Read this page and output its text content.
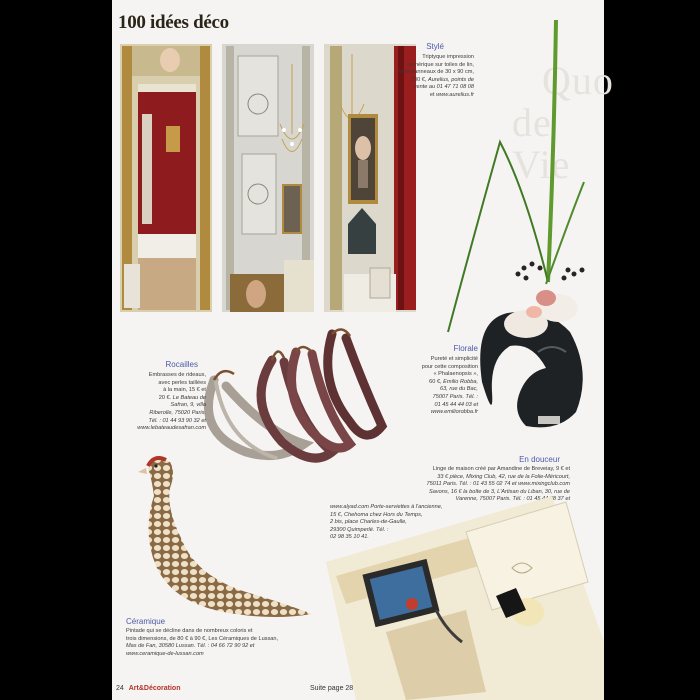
Quo
de Vie
100 idées déco
Stylé
Triptyque impression
numérique sur toiles de lin,
trois panneaux de 30 x 90 cm,
330 €, Aurelius, points de
vente au 01 47 71 08 08
et www.aurelius.fr
Rocailles
Embrasses de rideaux,
avec perles taillées
à la main, 15 € et
20 €. Le Bateau de
Safran, 9, villa
Riberolle, 75020 Paris.
Tél. : 01 44 93 90 32 et
www.lebateaudesafran.com
Florale
Pureté et simplicité
pour cette composition
« Phalaenopsis »,
60 €, Emilio Robba,
63, rue du Bac,
75007 Paris. Tél. :
01 45 44 44 03 et
www.emiliorobba.fr
En douceur
Linge de maison créé par Amandine de Breveiay, 9 € et
33 € pièce, Mixing Club, 42, rue de la Folie-Méricourt,
75011 Paris. Tél. : 01 43 55 02 74 et www.mixingclub.com
Savons, 16 € la boîte de 3, L'Artisan du Liban, 30, rue de
Varenne, 75007 Paris. Tél. : 01 45 44 88 37 et
www.alyad.com Porte-serviettes à l'ancienne,
15 €, Chehoma chez Hors du Temps,
2 bis, place Charles-de-Gaulle,
29300 Quimperlé. Tél. :
02 98 35 10 41.
Céramique
Pintade qui se décline dans de nombreux coloris et
trois dimensions, de 80 € à 90 €, Les Céramiques de Lussan,
Mas de Fan, 30580 Lussan. Tél. : 04 66 72 90 92 et
www.ceramique-de-lussan.com
24 Art&Décoration	Suite page 28
